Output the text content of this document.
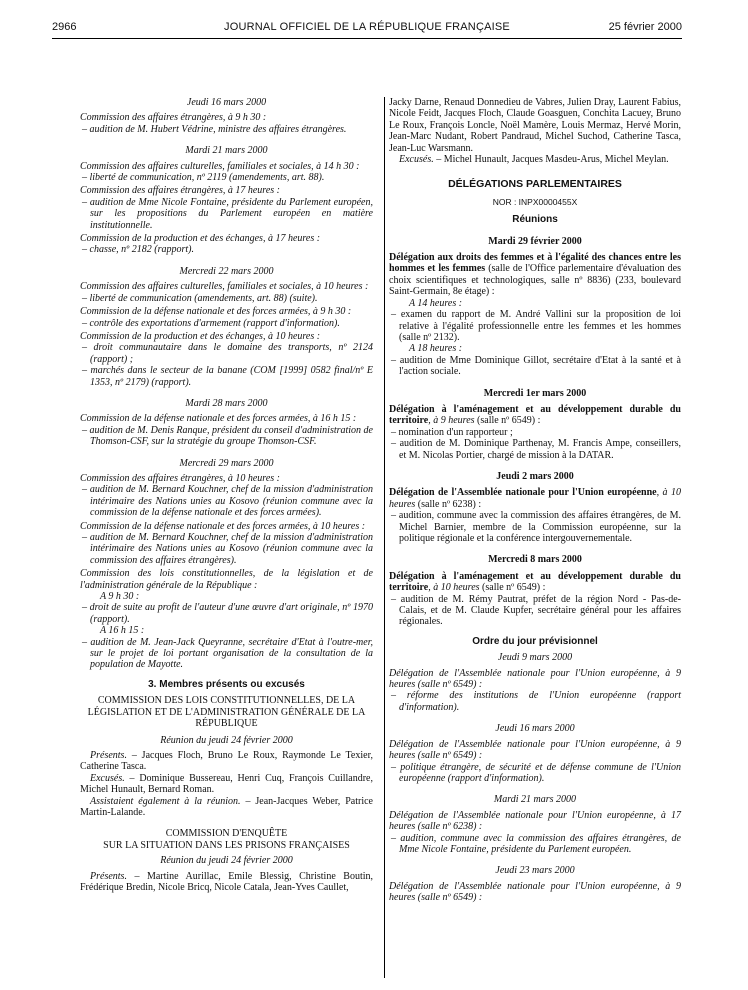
2966	JOURNAL OFFICIEL DE LA RÉPUBLIQUE FRANÇAISE	25 février 2000

Jeudi 16 mars 2000

Commission des affaires étrangères, à 9 h 30 :

– audition de M. Hubert Védrine, ministre des affaires étrangères.

Mardi 21 mars 2000

Commission des affaires culturelles, familiales et sociales, à 14 h 30 :

– liberté de communication, nº 2119 (amendements, art. 88).

Commission des affaires étrangères, à 17 heures :

– audition de Mme Nicole Fontaine, présidente du Parlement européen, sur les propositions du Parlement européen en matière institutionnelle.

Commission de la production et des échanges, à 17 heures :

– chasse, nº 2182 (rapport).

Mercredi 22 mars 2000

Commission des affaires culturelles, familiales et sociales, à 10 heures :

– liberté de communication (amendements, art. 88) (suite).

Commission de la défense nationale et des forces armées, à 9 h 30 :

– contrôle des exportations d'armement (rapport d'information).

Commission de la production et des échanges, à 10 heures :

– droit communautaire dans le domaine des transports, nº 2124 (rapport) ;

– marchés dans le secteur de la banane (COM [1999] 0582 final/nº E 1353, nº 2179) (rapport).

Mardi 28 mars 2000

Commission de la défense nationale et des forces armées, à 16 h 15 :

– audition de M. Denis Ranque, président du conseil d'administration de Thomson-CSF, sur la stratégie du groupe Thomson-CSF.

Mercredi 29 mars 2000

Commission des affaires étrangères, à 10 heures :

– audition de M. Bernard Kouchner, chef de la mission d'administration intérimaire des Nations unies au Kosovo (réunion commune avec la commission de la défense nationale et des forces armées).

Commission de la défense nationale et des forces armées, à 10 heures :

– audition de M. Bernard Kouchner, chef de la mission d'administration intérimaire des Nations unies au Kosovo (réunion commune avec la commission des affaires étrangères).

Commission des lois constitutionnelles, de la législation et de l'administration générale de la République :

A 9 h 30 :

– droit de suite au profit de l'auteur d'une œuvre d'art originale, nº 1970 (rapport).

A 16 h 15 :

– audition de M. Jean-Jack Queyranne, secrétaire d'Etat à l'outre-mer, sur le projet de loi portant organisation de la consultation de la population de Mayotte.

3. Membres présents ou excusés

COMMISSION DES LOIS CONSTITUTIONNELLES, DE LA LÉGISLATION ET DE L'ADMINISTRATION GÉNÉRALE DE LA RÉPUBLIQUE

Réunion du jeudi 24 février 2000

Présents. – Jacques Floch, Bruno Le Roux, Raymonde Le Texier, Catherine Tasca.

Excusés. – Dominique Bussereau, Henri Cuq, François Cuillandre, Michel Hunault, Bernard Roman.

Assistaient également à la réunion. – Jean-Jacques Weber, Patrice Martin-Lalande.

COMMISSION D'ENQUÊTE

SUR LA SITUATION DANS LES PRISONS FRANÇAISES

Réunion du jeudi 24 février 2000

Présents. – Martine Aurillac, Emile Blessig, Christine Boutin, Frédérique Bredin, Nicole Bricq, Nicole Catala, Jean-Yves Caullet,

Jacky Darne, Renaud Donnedieu de Vabres, Julien Dray, Laurent Fabius, Nicole Feidt, Jacques Floch, Claude Goasguen, Conchita Lacuey, Bruno Le Roux, François Loncle, Noël Mamère, Louis Mermaz, Hervé Morin, Jean-Marc Nudant, Robert Pandraud, Michel Suchod, Catherine Tasca, Jean-Luc Warsmann.

Excusés. – Michel Hunault, Jacques Masdeu-Arus, Michel Meylan.

DÉLÉGATIONS PARLEMENTAIRES

NOR : INPX0000455X

Réunions

Mardi 29 février 2000

Délégation aux droits des femmes et à l'égalité des chances entre les hommes et les femmes (salle de l'Office parlementaire d'évaluation des choix scientifiques et technologiques, salle nº 8836) (233, boulevard Saint-Germain, 8e étage) :

A 14 heures :

– examen du rapport de M. André Vallini sur la proposition de loi relative à l'égalité professionnelle entre les femmes et les hommes (salle nº 2132).

A 18 heures :

– audition de Mme Dominique Gillot, secrétaire d'Etat à la santé et à l'action sociale.

Mercredi 1er mars 2000

Délégation à l'aménagement et au développement durable du territoire, à 9 heures (salle nº 6549) :

– nomination d'un rapporteur ;

– audition de M. Dominique Parthenay, M. Francis Ampe, conseillers, et M. Nicolas Portier, chargé de mission à la DATAR.

Jeudi 2 mars 2000

Délégation de l'Assemblée nationale pour l'Union européenne, à 10 heures (salle nº 6238) :

– audition, commune avec la commission des affaires étrangères, de M. Michel Barnier, membre de la Commission européenne, sur la politique régionale et la conférence intergouvernementale.

Mercredi 8 mars 2000

Délégation à l'aménagement et au développement durable du territoire, à 10 heures (salle nº 6549) :

– audition de M. Rémy Pautrat, préfet de la région Nord - Pas-de-Calais, et de M. Claude Kupfer, secrétaire général pour les affaires régionales.

Ordre du jour prévisionnel

Jeudi 9 mars 2000

Délégation de l'Assemblée nationale pour l'Union européenne, à 9 heures (salle nº 6549) :

– réforme des institutions de l'Union européenne (rapport d'information).

Jeudi 16 mars 2000

Délégation de l'Assemblée nationale pour l'Union européenne, à 9 heures (salle nº 6549) :

– politique étrangère, de sécurité et de défense commune de l'Union européenne (rapport d'information).

Mardi 21 mars 2000

Délégation de l'Assemblée nationale pour l'Union européenne, à 17 heures (salle nº 6238) :

– audition, commune avec la commission des affaires étrangères, de Mme Nicole Fontaine, présidente du Parlement européen.

Jeudi 23 mars 2000

Délégation de l'Assemblée nationale pour l'Union européenne, à 9 heures (salle nº 6549) :
